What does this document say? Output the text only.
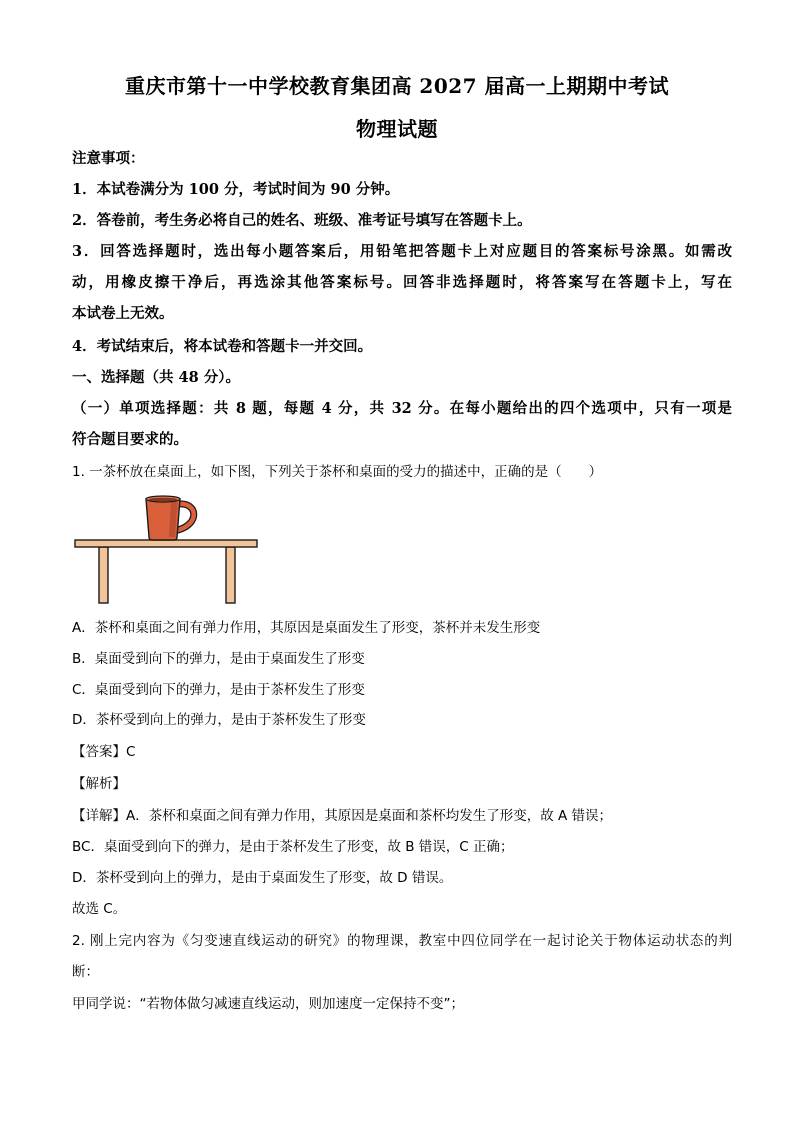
重庆市第十一中学校教育集团高 2027 届高一上期期中考试
物理试题
注意事项：
1．本试卷满分为 100 分，考试时间为 90 分钟。
2．答卷前，考生务必将自己的姓名、班级、准考证号填写在答题卡上。
3．回答选择题时，选出每小题答案后，用铅笔把答题卡上对应题目的答案标号涂黑。如需改
动，用橡皮擦干净后，再选涂其他答案标号。回答非选择题时，将答案写在答题卡上，写在
本试卷上无效。
4．考试结束后，将本试卷和答题卡一并交回。
一、选择题（共 48 分）。
（一）单项选择题：共 8 题，每题 4 分，共 32 分。在每小题给出的四个选项中，只有一项是
符合题目要求的。
1. 一茶杯放在桌面上，如下图，下列关于茶杯和桌面的受力的描述中，正确的是（　　）
A．茶杯和桌面之间有弹力作用，其原因是桌面发生了形变，茶杯并未发生形变
B．桌面受到向下的弹力，是由于桌面发生了形变
C．桌面受到向下的弹力，是由于茶杯发生了形变
D．茶杯受到向上的弹力，是由于茶杯发生了形变
【答案】C
【解析】
【详解】A．茶杯和桌面之间有弹力作用，其原因是桌面和茶杯均发生了形变，故 A 错误；
BC．桌面受到向下的弹力，是由于茶杯发生了形变，故 B 错误，C 正确；
D．茶杯受到向上的弹力，是由于桌面发生了形变，故 D 错误。
故选 C。
2. 刚上完内容为《匀变速直线运动的研究》的物理课，教室中四位同学在一起讨论关于物体运动状态的判
断：
甲同学说：“若物体做匀减速直线运动，则加速度一定保持不变”；
